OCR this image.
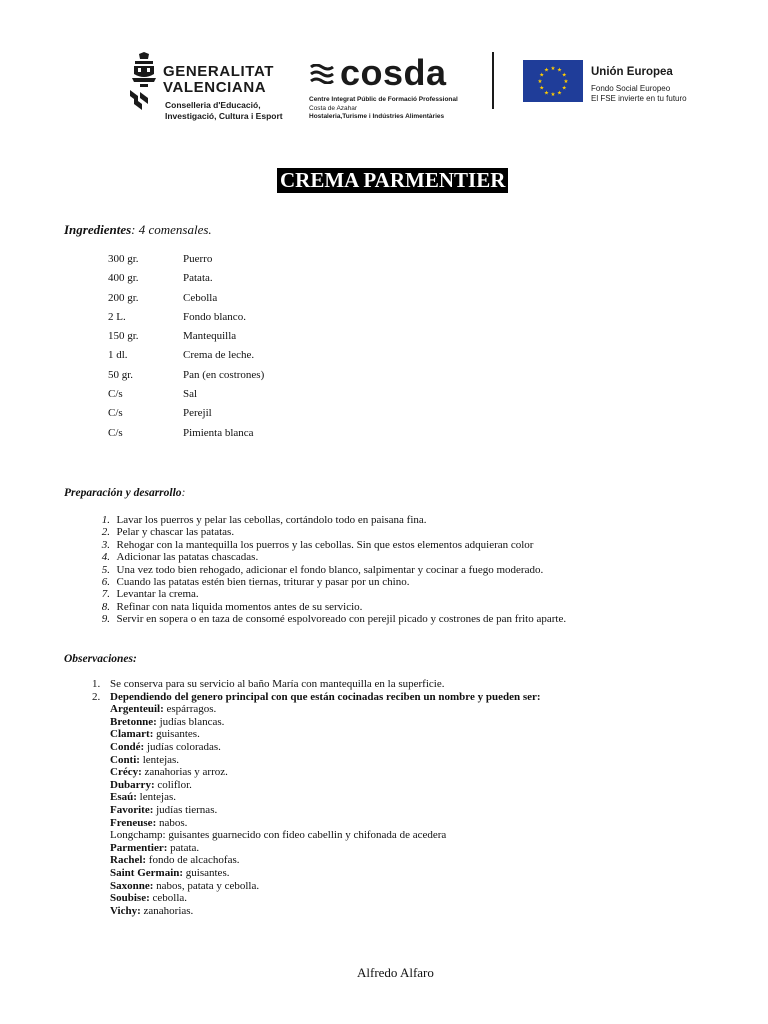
GENERALITAT
VALENCIANA
Conselleria d'Educació,
Investigació, Cultura i Esport
cosda
Centre Integrat Públic de Formació Professional
Costa de Azahar
Hostaleria,Turisme i Indústries Alimentàries
★
★
★
★
★
★
★
★
★ ★ ★
★ Unión Europea
Fondo Social Europeo
El FSE invierte en tu futuro
CREMA PARMENTIER
Ingredientes: 4 comensales.
300 gr.	Puerro
400 gr.	Patata.
200 gr.	Cebolla
2 L.	Fondo blanco.
150 gr.	Mantequilla
1 dl.	Crema de leche.
50 gr.	Pan (en costrones)
C/s	Sal
C/s	Perejil
C/s	Pimienta blanca
Preparación y desarrollo:
1. Lavar los puerros y pelar las cebollas, cortándolo todo en paisana fina.
2. Pelar y chascar las patatas.
3. Rehogar con la mantequilla los puerros y las cebollas. Sin que estos elementos adquieran color
4. Adicionar las patatas chascadas.
5. Una vez todo bien rehogado, adicionar el fondo blanco, salpimentar y cocinar a fuego moderado.
6. Cuando las patatas estén bien tiernas, triturar y pasar por un chino.
7. Levantar la crema.
8. Refinar con nata liquida momentos antes de su servicio.
9. Servir en sopera o en taza de consomé espolvoreado con perejil picado y costrones de pan frito aparte.
Observaciones:
1. Se conserva para su servicio al baño María con mantequilla en la superficie.
2. Dependiendo del genero principal con que están cocinadas reciben un nombre y pueden ser:
Argenteuil: espárragos.
Bretonne: judías blancas.
Clamart: guisantes.
Condé: judías coloradas.
Conti: lentejas.
Crécy: zanahorias y arroz.
Dubarry: coliflor.
Esaú: lentejas.
Favorite: judías tiernas.
Freneuse: nabos.
Longchamp: guisantes guarnecido con fideo cabellin y chifonada de acedera
Parmentier: patata.
Rachel: fondo de alcachofas.
Saint Germain: guisantes.
Saxonne: nabos, patata y cebolla.
Soubise: cebolla.
Vichy: zanahorias.
Alfredo Alfaro
